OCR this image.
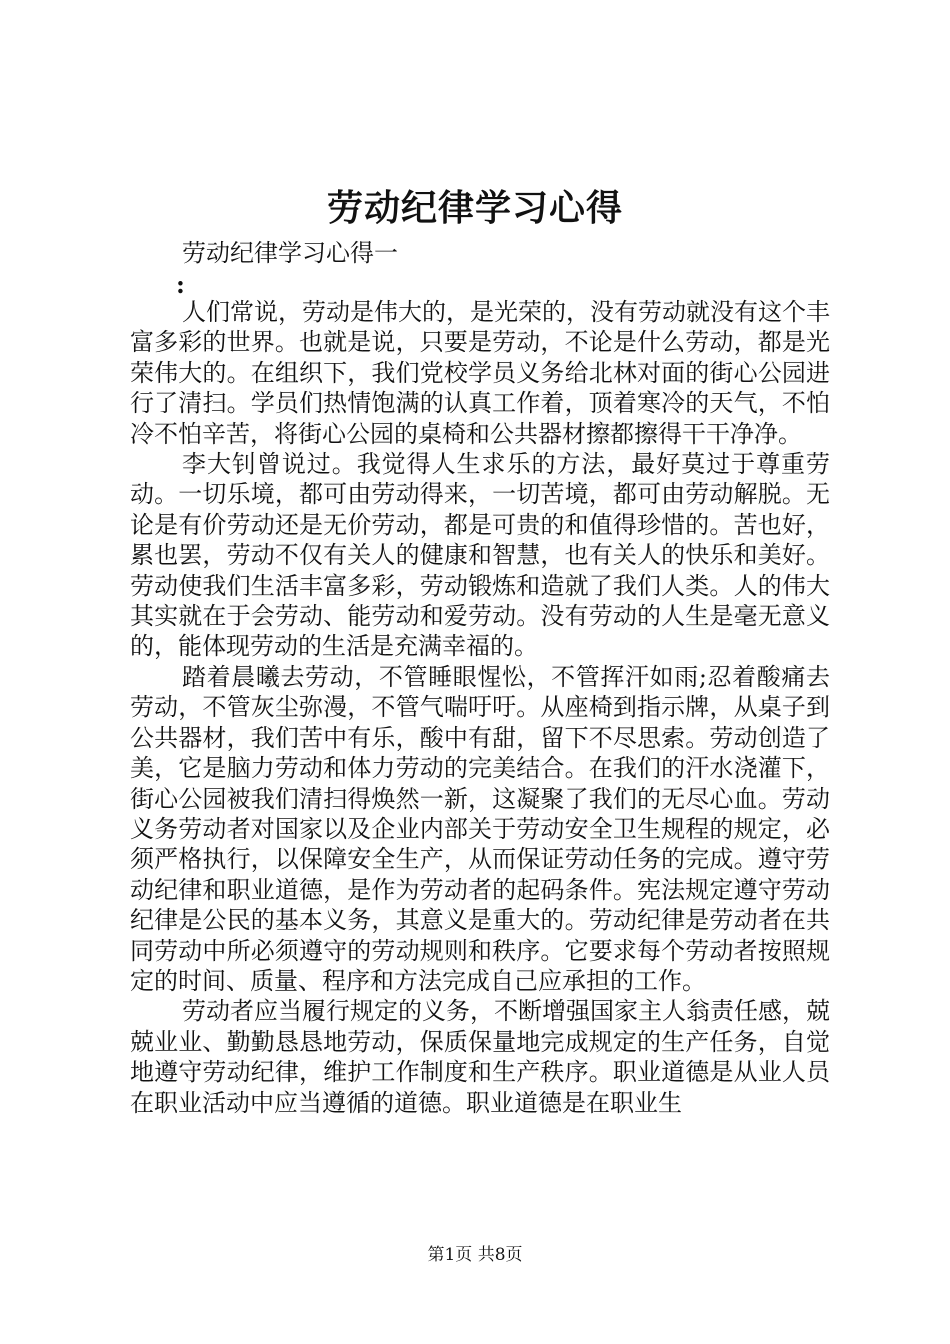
劳动纪律学习心得
劳动纪律学习心得一
:

人们常说，劳动是伟大的，是光荣的，没有劳动就没有这个丰富多彩的世界。也就是说，只要是劳动，不论是什么劳动，都是光荣伟大的。在组织下，我们党校学员义务给北林对面的街心公园进行了清扫。学员们热情饱满的认真工作着，顶着寒冷的天气，不怕冷不怕辛苦，将街心公园的桌椅和公共器材擦都擦得干干净净。

李大钊曾说过。我觉得人生求乐的方法，最好莫过于尊重劳动。一切乐境，都可由劳动得来，一切苦境，都可由劳动解脱。无论是有价劳动还是无价劳动，都是可贵的和值得珍惜的。苦也好，累也罢，劳动不仅有关人的健康和智慧，也有关人的快乐和美好。劳动使我们生活丰富多彩，劳动锻炼和造就了我们人类。人的伟大其实就在于会劳动、能劳动和爱劳动。没有劳动的人生是毫无意义的，能体现劳动的生活是充满幸福的。

踏着晨曦去劳动，不管睡眼惺忪，不管挥汗如雨;忍着酸痛去劳动，不管灰尘弥漫，不管气喘吁吁。从座椅到指示牌，从桌子到公共器材，我们苦中有乐，酸中有甜，留下不尽思索。劳动创造了美，它是脑力劳动和体力劳动的完美结合。在我们的汗水浇灌下，街心公园被我们清扫得焕然一新，这凝聚了我们的无尽心血。劳动义务劳动者对国家以及企业内部关于劳动安全卫生规程的规定，必须严格执行，以保障安全生产，从而保证劳动任务的完成。遵守劳动纪律和职业道德，是作为劳动者的起码条件。宪法规定遵守劳动纪律是公民的基本义务，其意义是重大的。劳动纪律是劳动者在共同劳动中所必须遵守的劳动规则和秩序。它要求每个劳动者按照规定的时间、质量、程序和方法完成自己应承担的工作。

劳动者应当履行规定的义务，不断增强国家主人翁责任感，兢兢业业、勤勤恳恳地劳动，保质保量地完成规定的生产任务，自觉地遵守劳动纪律，维护工作制度和生产秩序。职业道德是从业人员在职业活动中应当遵循的道德。职业道德是在职业生

第1页 共8页
